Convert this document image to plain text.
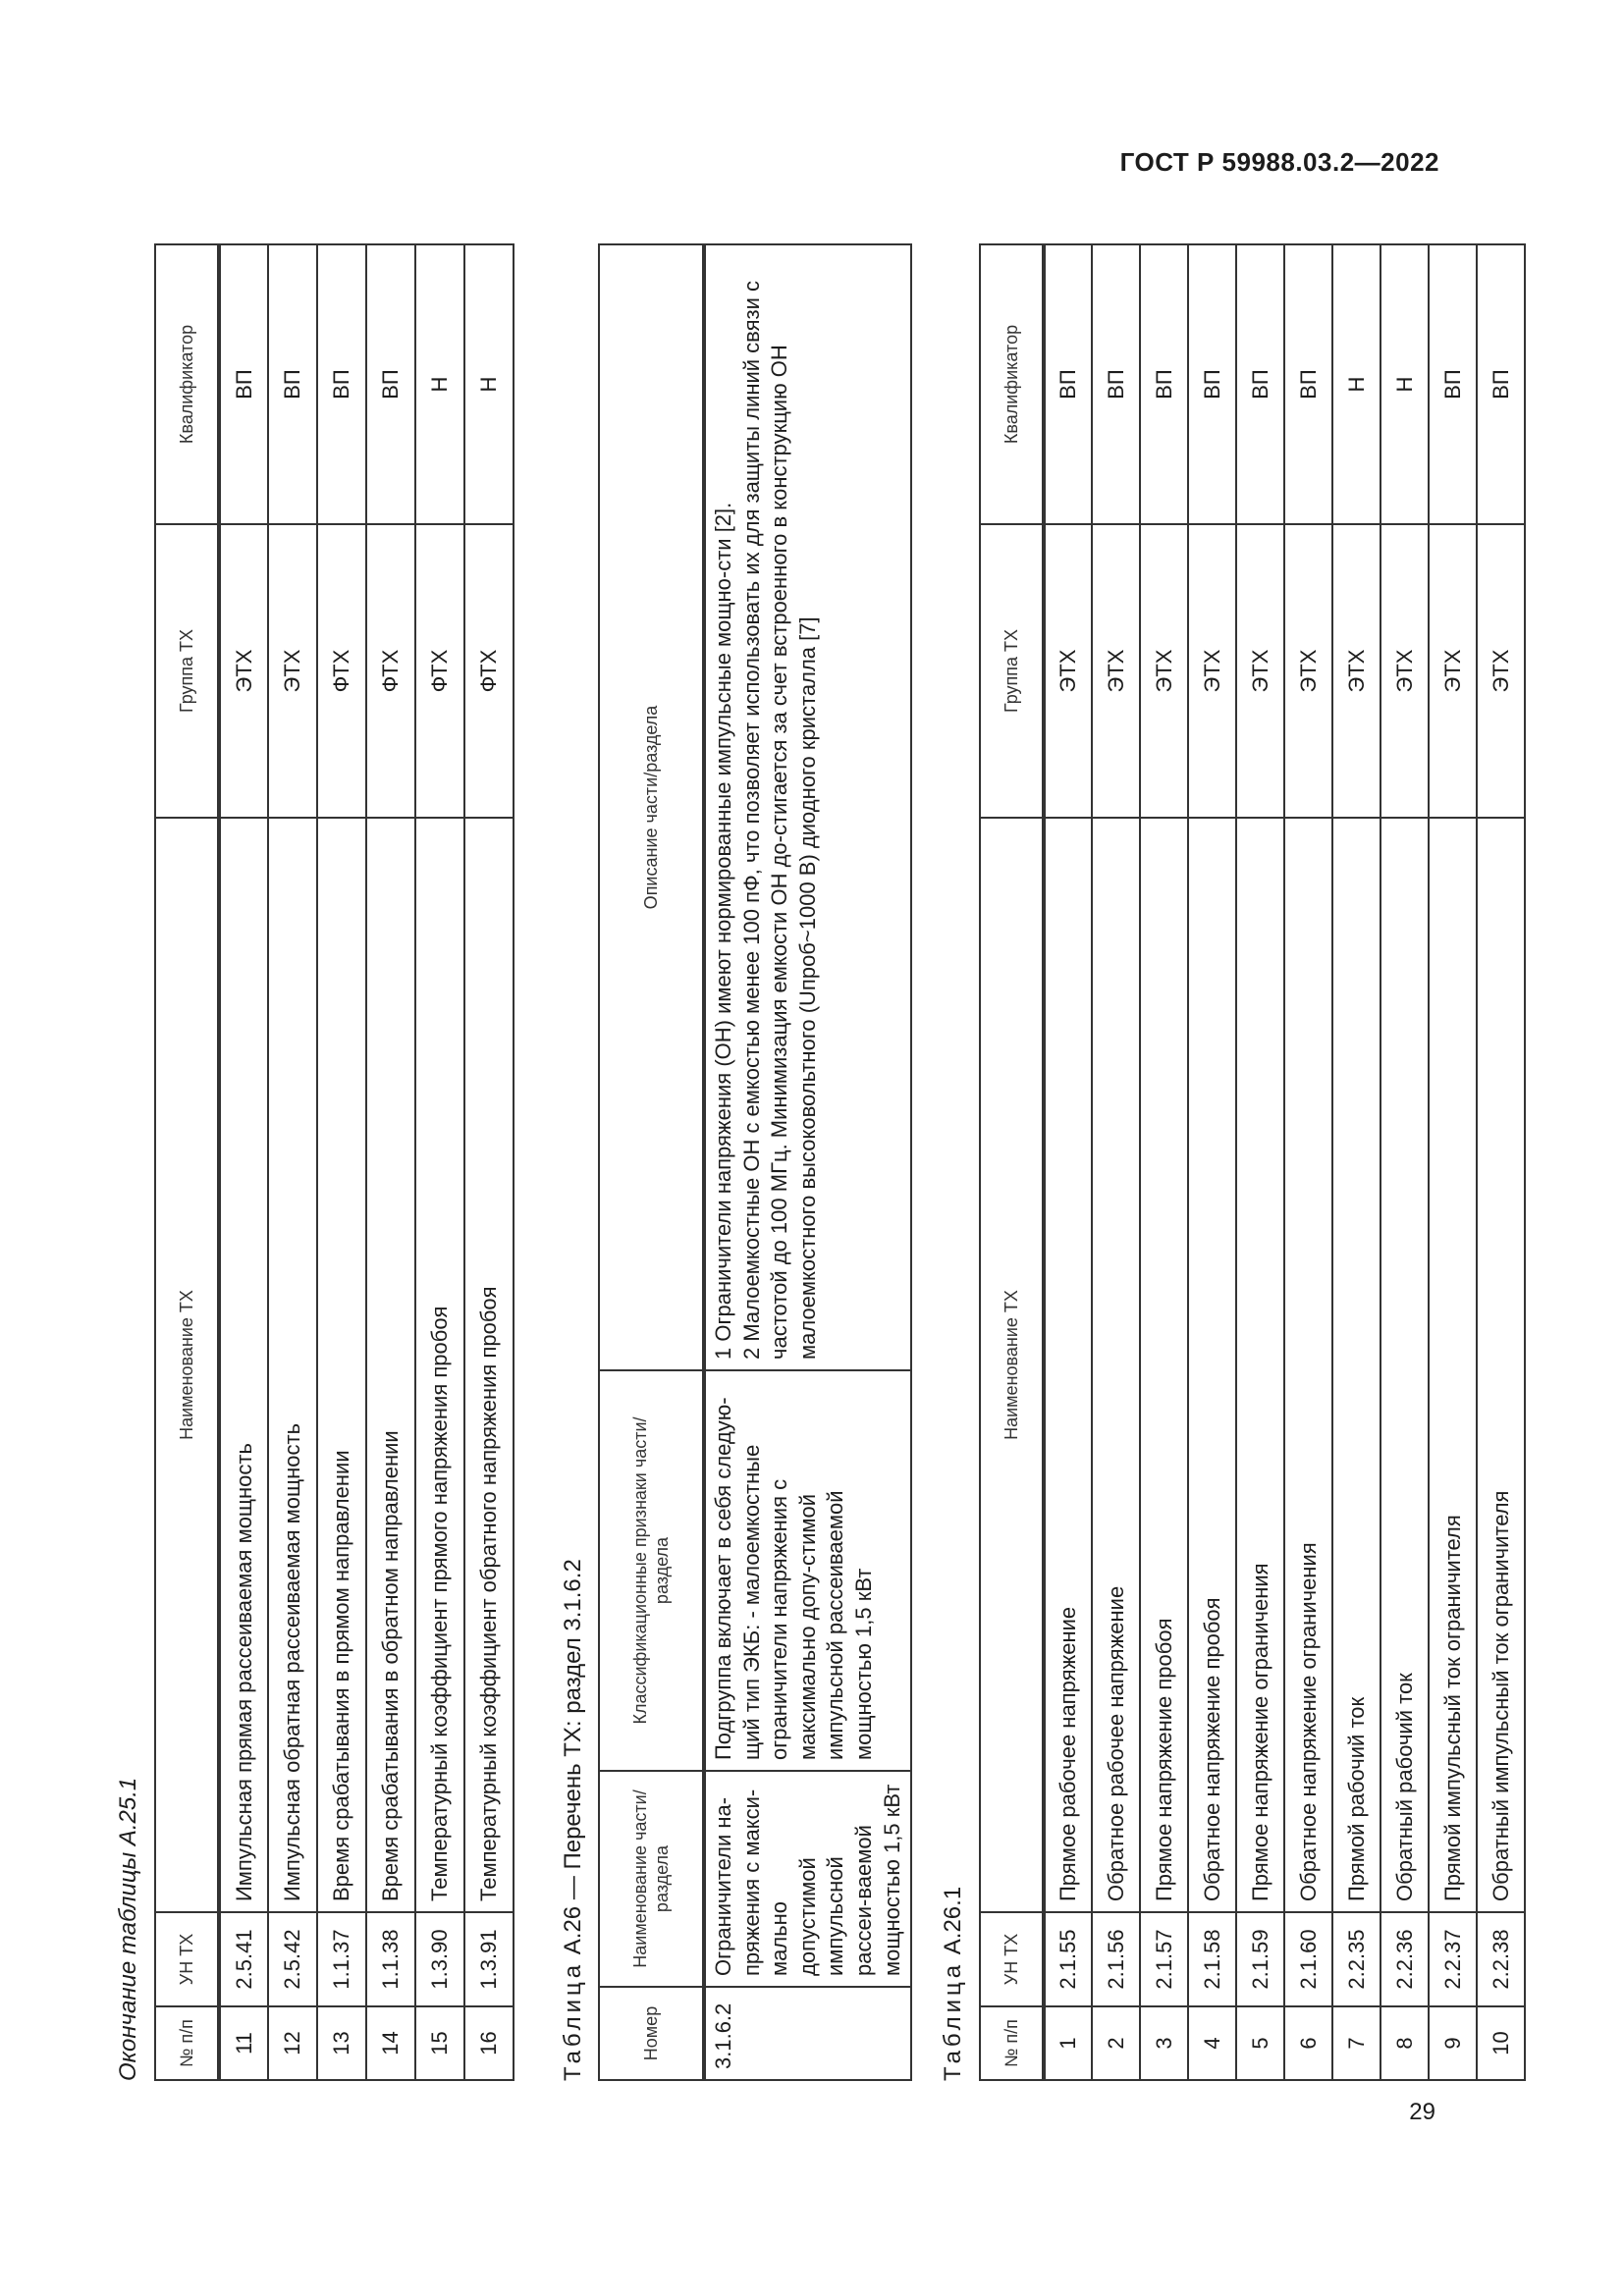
ГОСТ Р 59988.03.2—2022
29
Окончание таблицы А.25.1 № п/п	УН ТХ	Наименование ТХ	Группа ТХ	Квалификатор
11	2.5.41	Импульсная прямая рассеиваемая мощность	ЭТХ	ВП
12	2.5.42	Импульсная обратная рассеиваемая мощность	ЭТХ	ВП
13	1.1.37	Время срабатывания в прямом направлении	ФТХ	ВП
14	1.1.38	Время срабатывания в обратном направлении	ФТХ	ВП
15	1.3.90	Температурный коэффициент прямого напряжения пробоя	ФТХ	Н
16	1.3.91	Температурный коэффициент обратного напряжения пробоя	ФТХ	Н
Таблица А.26 — Перечень ТХ: раздел 3.1.6.2
Номер	Наименование части/ раздела	Классификационные признаки части/ раздела	Описание части/раздела
3.1.6.2	Ограничители на-пряжения с макси-мально допустимой импульсной рассеи-ваемой мощностью 1,5 кВт	Подгруппа включает в себя следую-щий тип ЭКБ: - малоемкостные ограничители напряжения с максимально допу-стимой импульсной рассеиваемой мощностью 1,5 кВт	1 Ограничители напряжения (ОН) имеют нормированные импульсные мощно-сти [2]. 2 Малоемкостные ОН с емкостью менее 100 пФ, что позволяет использовать их для защиты линий связи с частотой до 100 МГц. Минимизация емкости ОН до-стигается за счет встроенного в конструкцию ОН малоемкостного высоковольтного (Uпроб~1000 В) диодного кристалла [7]
Таблица А.26.1
№ п/п	УН ТХ	Наименование ТХ	Группа ТХ	Квалификатор
1	2.1.55	Прямое рабочее напряжение	ЭТХ	ВП
2	2.1.56	Обратное рабочее напряжение	ЭТХ	ВП
3	2.1.57	Прямое напряжение пробоя	ЭТХ	ВП
4	2.1.58	Обратное напряжение пробоя	ЭТХ	ВП
5	2.1.59	Прямое напряжение ограничения	ЭТХ	ВП
6	2.1.60	Обратное напряжение ограничения	ЭТХ	ВП
7	2.2.35	Прямой рабочий ток	ЭТХ	Н
8	2.2.36	Обратный рабочий ток	ЭТХ	Н
9	2.2.37	Прямой импульсный ток ограничителя	ЭТХ	ВП
10	2.2.38	Обратный импульсный ток ограничителя	ЭТХ	ВП
